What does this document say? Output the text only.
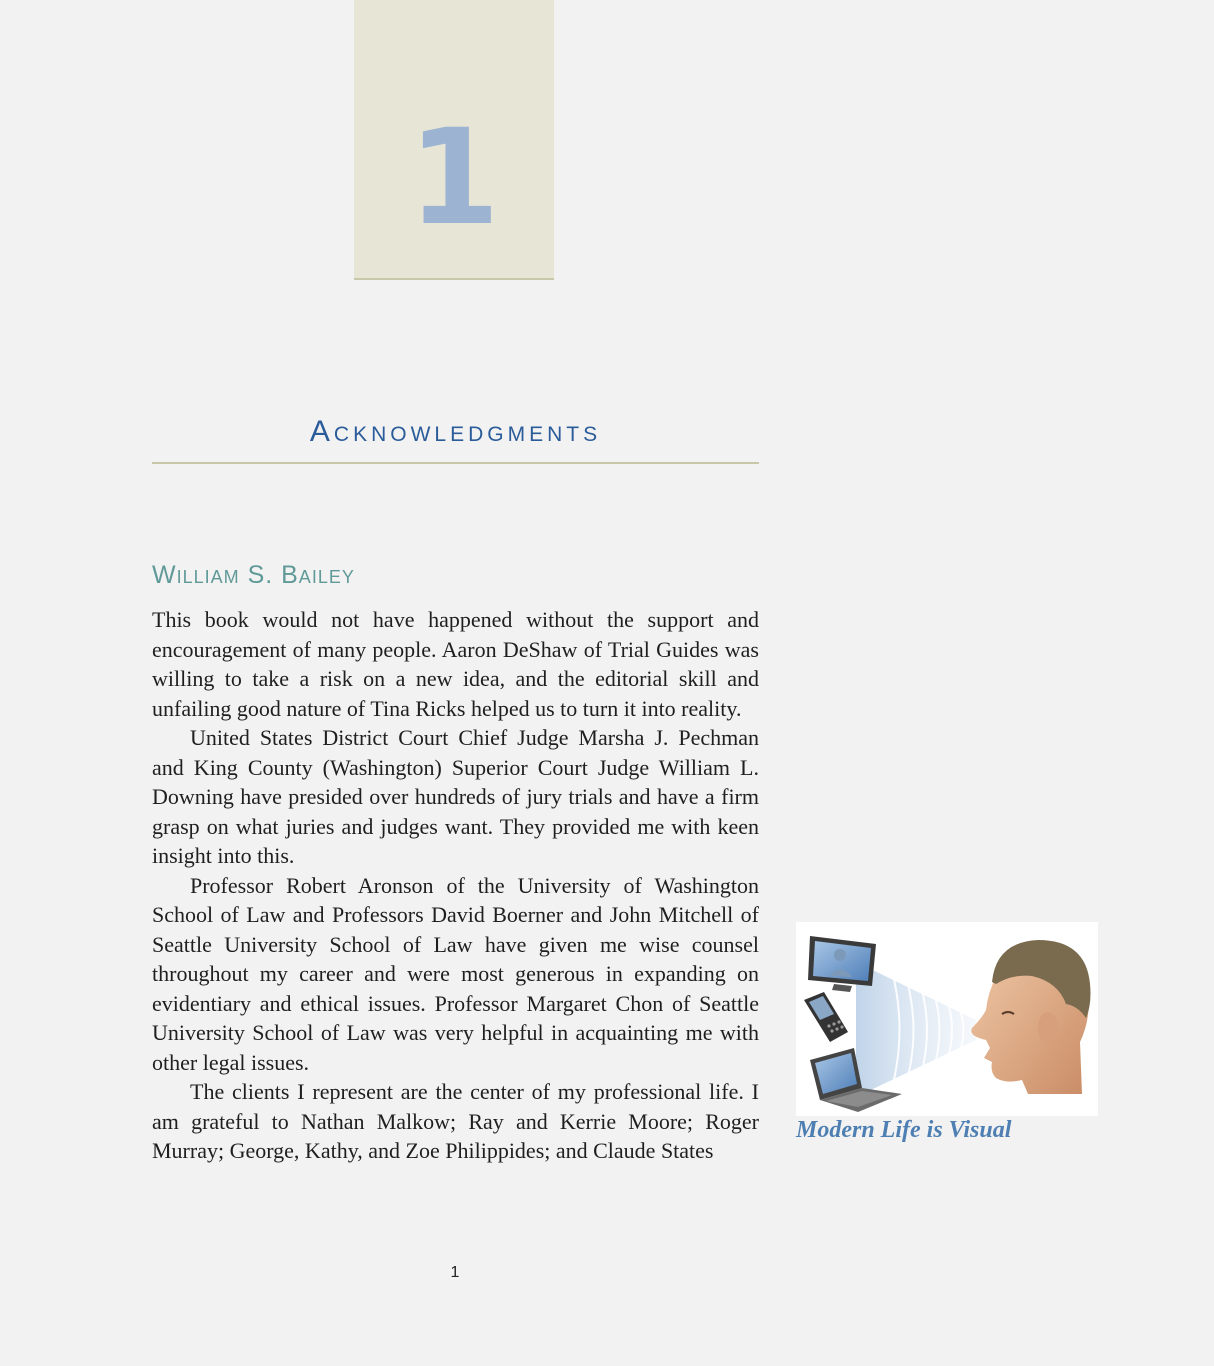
1
Acknowledgments
William S. Bailey

This book would not have happened without the support and encouragement of many people. Aaron DeShaw of Trial Guides was willing to take a risk on a new idea, and the editorial skill and unfailing good nature of Tina Ricks helped us to turn it into reality.

United States District Court Chief Judge Marsha J. Pechman and King County (Washington) Superior Court Judge William L. Downing have presided over hundreds of jury trials and have a firm grasp on what juries and judges want. They provided me with keen insight into this.

Professor Robert Aronson of the University of Washington School of Law and Professors David Boerner and John Mitchell of Seattle University School of Law have given me wise counsel throughout my career and were most generous in expanding on evidentiary and ethical issues. Professor Margaret Chon of Seattle University School of Law was very helpful in acquainting me with other legal issues.

The clients I represent are the center of my professional life. I am grateful to Nathan Malkow; Ray and Kerrie Moore; Roger Murray; George, Kathy, and Zoe Philippides; and Claude States

Modern Life is Visual
1
